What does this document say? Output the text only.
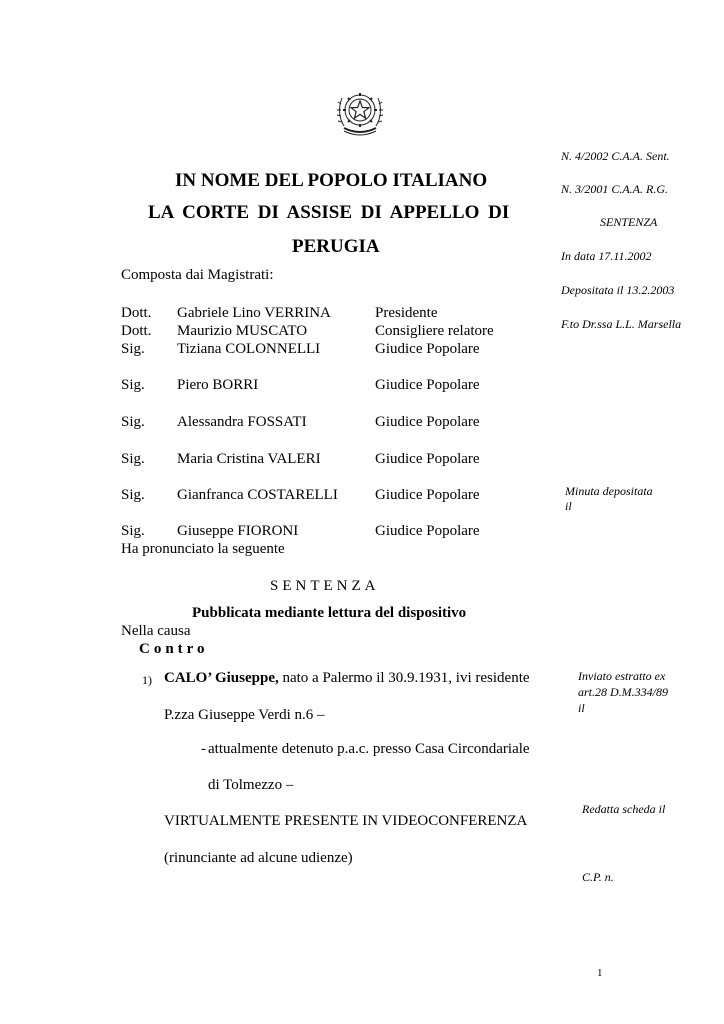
IN NOME DEL POPOLO ITALIANO
LA CORTE DI ASSISE DI APPELLO DI
PERUGIA
Composta dai Magistrati:
Dott. Gabriele Lino VERRINA	Presidente
Dott. Maurizio MUSCATO	Consigliere relatore
Sig. Tiziana COLONNELLI	Giudice Popolare
Sig. Piero BORRI	Giudice Popolare
Sig. Alessandra FOSSATI	Giudice Popolare
Sig. Maria Cristina VALERI	Giudice Popolare
Sig. Gianfranca COSTARELLI Giudice Popolare
Sig. Giuseppe FIORONI	Giudice Popolare
Ha pronunciato la seguente
SENTENZA
Pubblicata mediante lettura del dispositivo
Nella causa
Contro
1) CALO’ Giuseppe, nato a Palermo il 30.9.1931, ivi residente
P.zza Giuseppe Verdi n.6 –
- attualmente detenuto p.a.c. presso Casa Circondariale
di Tolmezzo –
VIRTUALMENTE PRESENTE IN VIDEOCONFERENZA
(rinunciante ad alcune udienze)
N. 4/2002 C.A.A. Sent.
N. 3/2001 C.A.A. R.G.
SENTENZA
In data 17.11.2002
Depositata il 13.2.2003
F.to Dr.ssa L.L. Marsella
Minuta depositata
il
Inviato estratto ex
art.28 D.M.334/89
il
Redatta scheda il
C.P. n.
1
